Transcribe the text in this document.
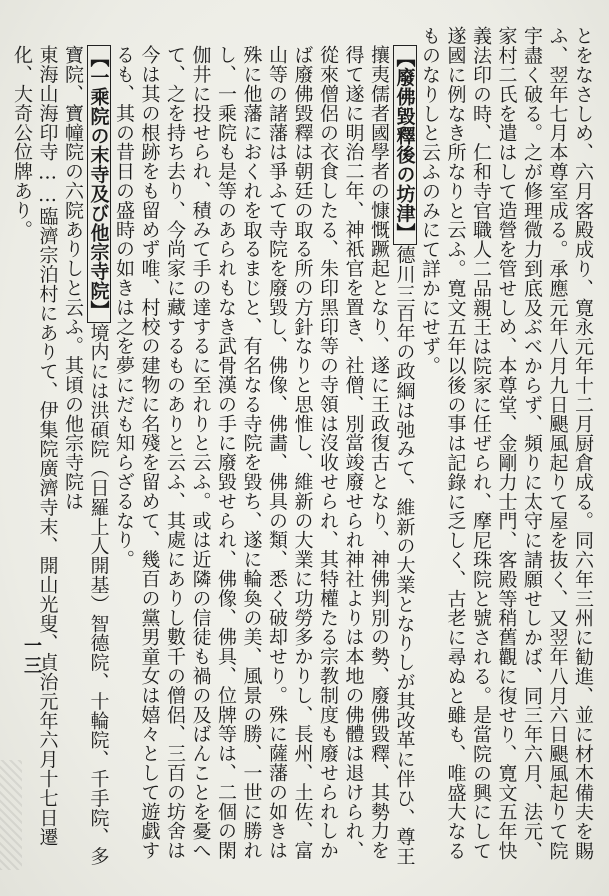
とをなさしめ、六月客殿成り、寛永元年十二月厨倉成る。同六年三州に勧進、並に材木備夫を賜ふ、翌年七月本尊室成る。承應元年八月九日颶風起りて屋を抜く、又翌年八月六日颶風起りて院宇盡く破る。之が修理微力到底及ぶべからず、頻りに太守に請願せしかば、同三年六月、法元、家村二氏を遣はして造營を管せしめ、本尊堂、金剛力士門、客殿等稍舊觀に復せり、寛文五年快義法印の時、仁和寺官職人二品親王は院家に任ぜられ、摩尼珠院と號される。是當院の興にして遂國に例なき所なりと云ふ。寛文五年以後の事は記錄に乏しく、古老に尋ぬと雖も、唯盛大なるものなりしと云ふのみにて詳かにせず。

【廢佛毀釋後の坊津】德川三百年の政綱は弛みて、維新の大業となりしが其改革に伴ひ、尊王攘夷儒者國學者の慷慨蹶起となり、遂に王政復古となり、神佛判別の勢、廢佛毀釋、其勢力を得て遂に明治二年、神祇官を置き、社僧、別當竣廢せられ神社よりは本地の佛體は退けられ、從來僧侶の衣食したる、朱印黑印等の寺領は沒收せられ、其特權たる宗教制度も廢せられしかば廢佛毀釋は朝廷の取る所の方針なりと思惟し、維新の大業に功勞多かりし、長州、土佐、富山等の諸藩は爭ふて寺院を廢毀し、佛像、佛畵、佛具の類、悉く破却せり。殊に薩藩の如きは殊に他藩におくれを取るまじと、有名なる寺院を毀ち、遂に輪奐の美、風景の勝、一世に勝れし、一乘院も是等のあられもなき武骨漢の手に廢毀せられ、佛像、佛具、位牌等は、二個の閑伽井に投せられ、積みて手の達するに至れりと云ふ。或は近隣の信徒も禍の及ばんことを憂へて、之を持ち去り、今尚家に藏するものありと云ふ、其處にありし數千の僧侶、三百の坊舍は今は其の根跡をも留めず唯、村校の建物に名殘を留めて、幾百の黨男童女は嬉々として遊戯するも、其の昔日の盛時の如きは之を夢にだも知らざるなり。

【一乘院の末寺及び他宗寺院】境内には洪碩院（日羅上人開基）智德院、十輪院、千手院、多寶院、寶幢院の六院ありしと云ふ。其頃の他宗寺院は

東海山海印寺……臨濟宗泊村にありて、伊集院廣濟寺末、開山光叟、貞治元年六月十七日遷化、大奇公位牌あり。

一三
